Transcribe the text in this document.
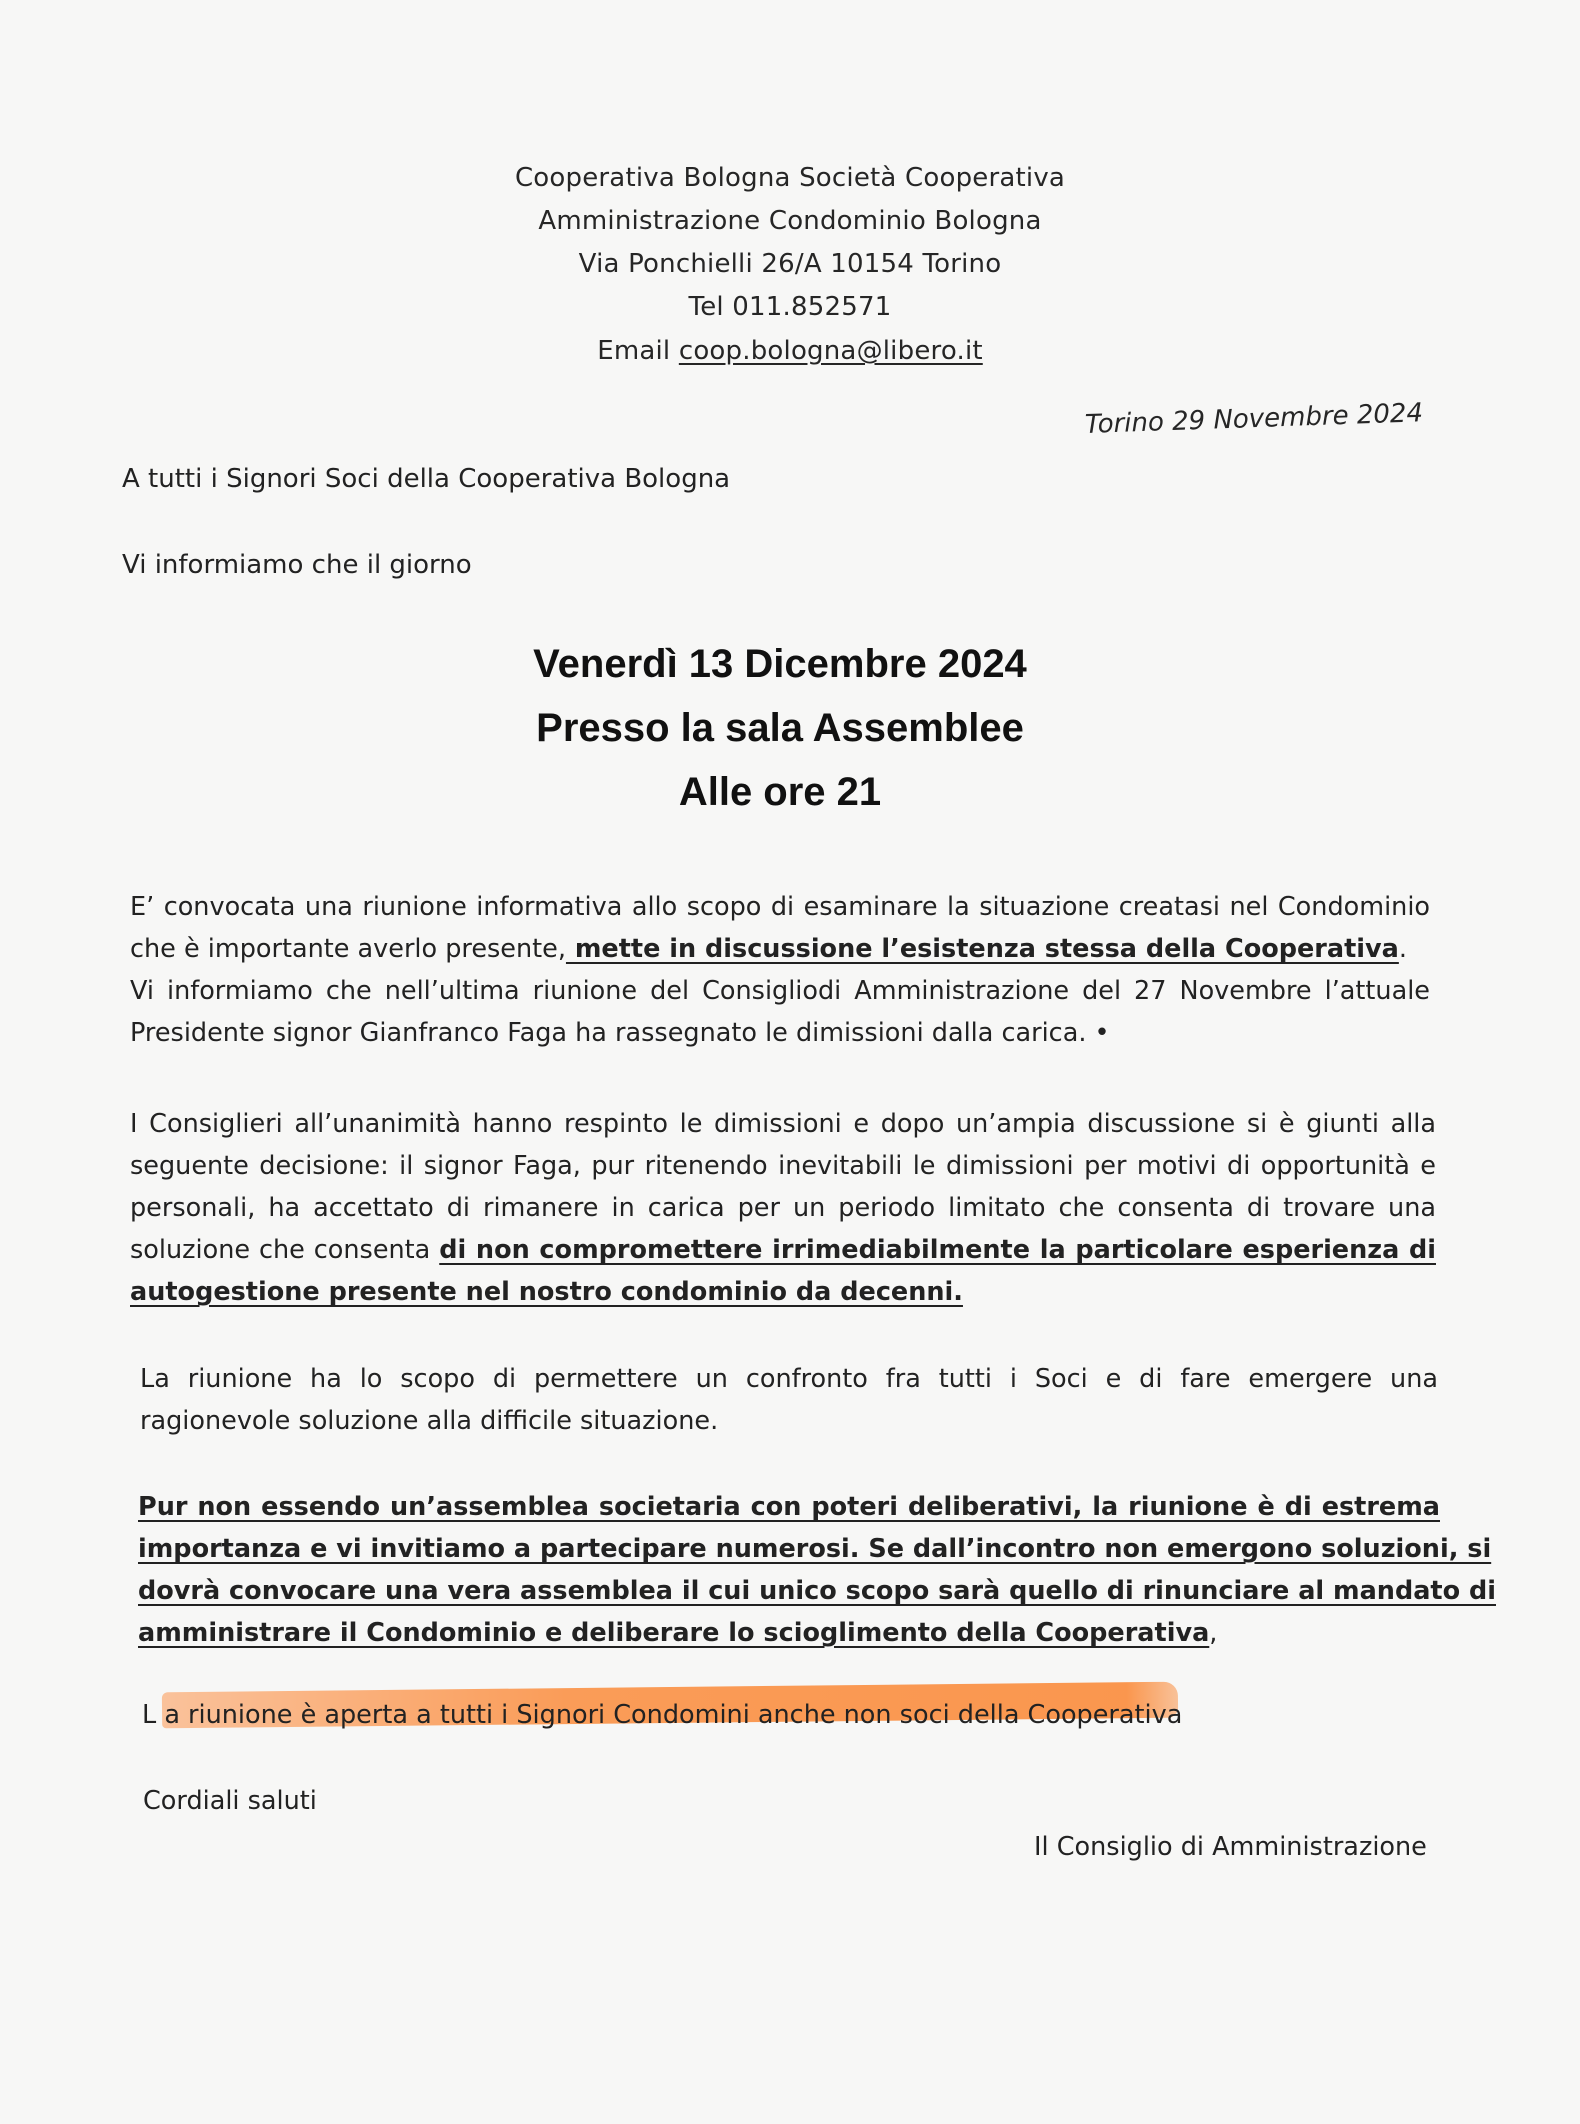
Cooperativa Bologna Società Cooperativa
Amministrazione Condominio Bologna
Via Ponchielli 26/A 10154 Torino
Tel 011.852571
Email coop.bologna@libero.it
Torino 29 Novembre 2024
A tutti i Signori Soci della Cooperativa Bologna
Vi informiamo che il giorno
Venerdì 13 Dicembre 2024
Presso la sala Assemblee
Alle ore 21
E’ convocata una riunione informativa allo scopo di esaminare la situazione creatasi nel Condominio
che è importante averlo presente, mette in discussione l’esistenza stessa della Cooperativa.
Vi informiamo che nell’ultima riunione del Consigliodi Amministrazione del 27 Novembre l’attuale
Presidente signor Gianfranco Faga ha rassegnato le dimissioni dalla carica. •
I Consiglieri all’unanimità hanno respinto le dimissioni e dopo un’ampia discussione si è giunti alla
seguente decisione: il signor Faga, pur ritenendo inevitabili le dimissioni per motivi di opportunità e
personali, ha accettato di rimanere in carica per un periodo limitato che consenta di trovare una
soluzione che consenta di non compromettere irrimediabilmente la particolare esperienza di
autogestione presente nel nostro condominio da decenni.
La riunione ha lo scopo di permettere un confronto fra tutti i Soci e di fare emergere una
ragionevole soluzione alla difficile situazione.
Pur non essendo un’assemblea societaria con poteri deliberativi, la riunione è di estrema
importanza e vi invitiamo a partecipare numerosi. Se dall’incontro non emergono soluzioni, si
dovrà convocare una vera assemblea il cui unico scopo sarà quello di rinunciare al mandato di
amministrare il Condominio e deliberare lo scioglimento della Cooperativa,
L a riunione è aperta a tutti i Signori Condomini anche non soci della Cooperativa
Cordiali saluti
Il Consiglio di Amministrazione
